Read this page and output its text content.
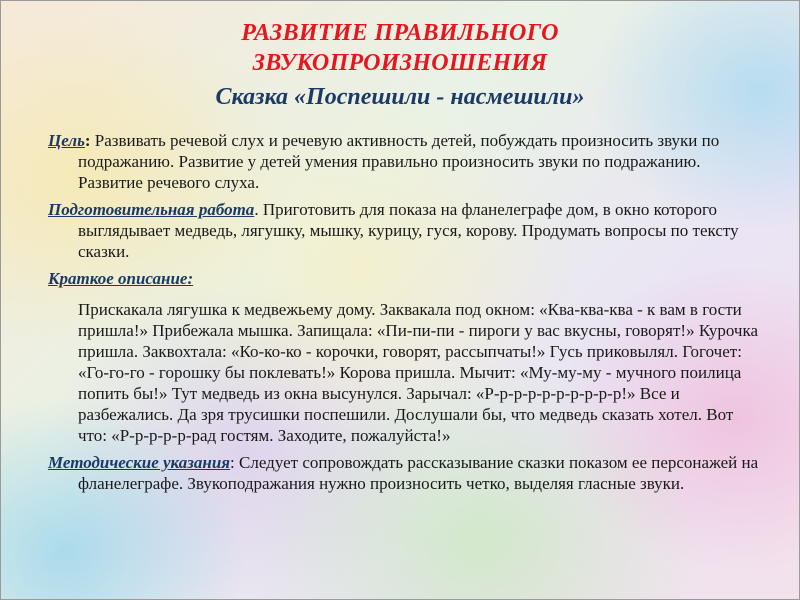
РАЗВИТИЕ ПРАВИЛЬНОГО
ЗВУКОПРОИЗНОШЕНИЯ
Сказка «Поспешили - насмешили»

Цель: Развивать речевой слух и речевую активность детей, побуждать произносить звуки по подражанию. Развитие у детей умения правильно произносить звуки по подражанию. Развитие речевого слуха.

Подготовительная работа. Приготовить для показа на фланелеграфе дом, в окно которого выглядывает медведь, лягушку, мышку, курицу, гуся, корову. Продумать вопросы по тексту сказки.

Краткое описание:

Прискакала лягушка к медвежьему дому. Заквакала под окном: «Ква-ква-ква - к вам в гости пришла!» Прибежала мышка. Запищала: «Пи-пи-пи - пироги у вас вкусны, говорят!» Курочка пришла. Заквохтала: «Ко-ко-ко - корочки, говорят, рассыпчаты!» Гусь приковылял. Гогочет: «Го-го-го - горошку бы поклевать!» Корова пришла. Мычит: «Му-му-му - мучного поилица попить бы!» Тут медведь из окна высунулся. Зарычал: «Р-р-р-р-р-р-р-р-р-р!» Все и разбежались. Да зря трусишки поспешили. Дослушали бы, что медведь сказать хотел. Вот что: «Р-р-р-р-р-рад гостям. Заходите, пожалуйста!»

Методические указания: Следует сопровождать рассказывание сказки показом ее персонажей на фланелеграфе. Звукоподражания нужно произносить четко, выделяя гласные звуки.
